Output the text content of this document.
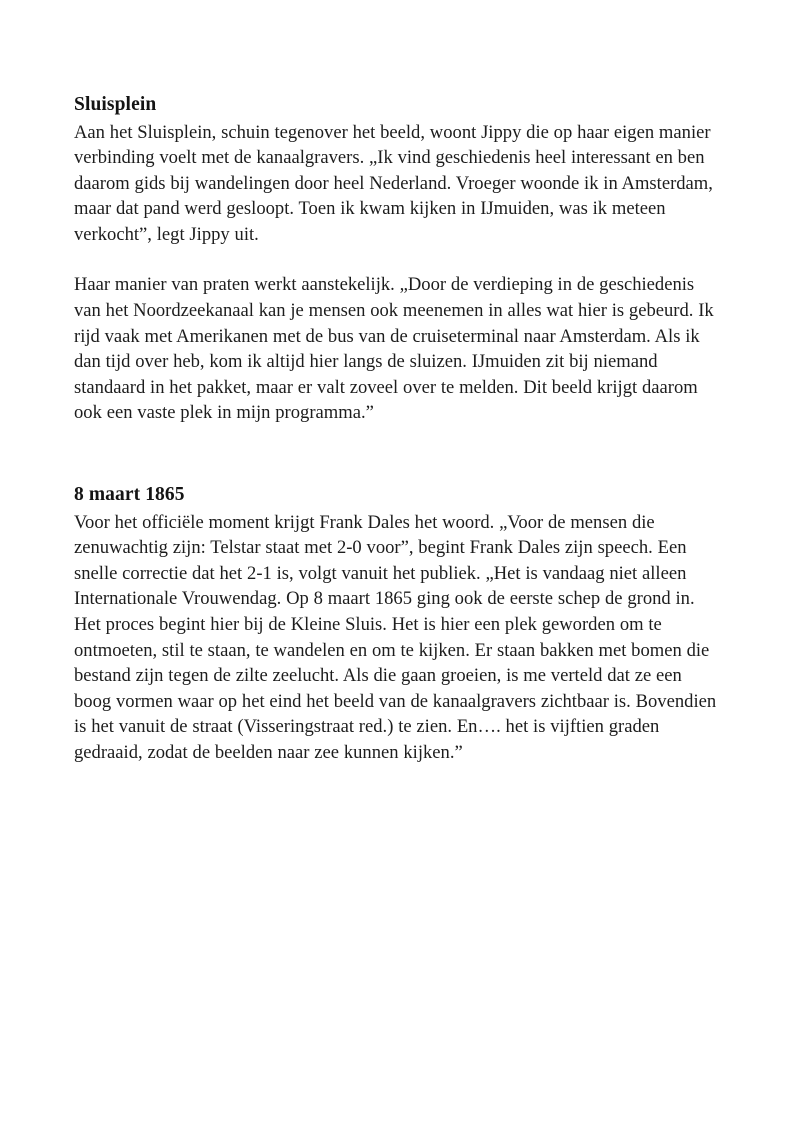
Sluisplein

Aan het Sluisplein, schuin tegenover het beeld, woont Jippy die op haar eigen manier verbinding voelt met de kanaalgravers. „Ik vind geschiedenis heel interessant en ben daarom gids bij wandelingen door heel Nederland. Vroeger woonde ik in Amsterdam, maar dat pand werd gesloopt. Toen ik kwam kijken in IJmuiden, was ik meteen verkocht”, legt Jippy uit.

Haar manier van praten werkt aanstekelijk. „Door de verdieping in de geschiedenis van het Noordzeekanaal kan je mensen ook meenemen in alles wat hier is gebeurd. Ik rijd vaak met Amerikanen met de bus van de cruiseterminal naar Amsterdam. Als ik dan tijd over heb, kom ik altijd hier langs de sluizen. IJmuiden zit bij niemand standaard in het pakket, maar er valt zoveel over te melden. Dit beeld krijgt daarom ook een vaste plek in mijn programma.”

8 maart 1865

Voor het officiële moment krijgt Frank Dales het woord. „Voor de mensen die zenuwachtig zijn: Telstar staat met 2-0 voor”, begint Frank Dales zijn speech. Een snelle correctie dat het 2-1 is, volgt vanuit het publiek. „Het is vandaag niet alleen Internationale Vrouwendag. Op 8 maart 1865 ging ook de eerste schep de grond in. Het proces begint hier bij de Kleine Sluis. Het is hier een plek geworden om te ontmoeten, stil te staan, te wandelen en om te kijken. Er staan bakken met bomen die bestand zijn tegen de zilte zeelucht. Als die gaan groeien, is me verteld dat ze een boog vormen waar op het eind het beeld van de kanaalgravers zichtbaar is. Bovendien is het vanuit de straat (Visseringstraat red.) te zien. En…. het is vijftien graden gedraaid, zodat de beelden naar zee kunnen kijken.”
